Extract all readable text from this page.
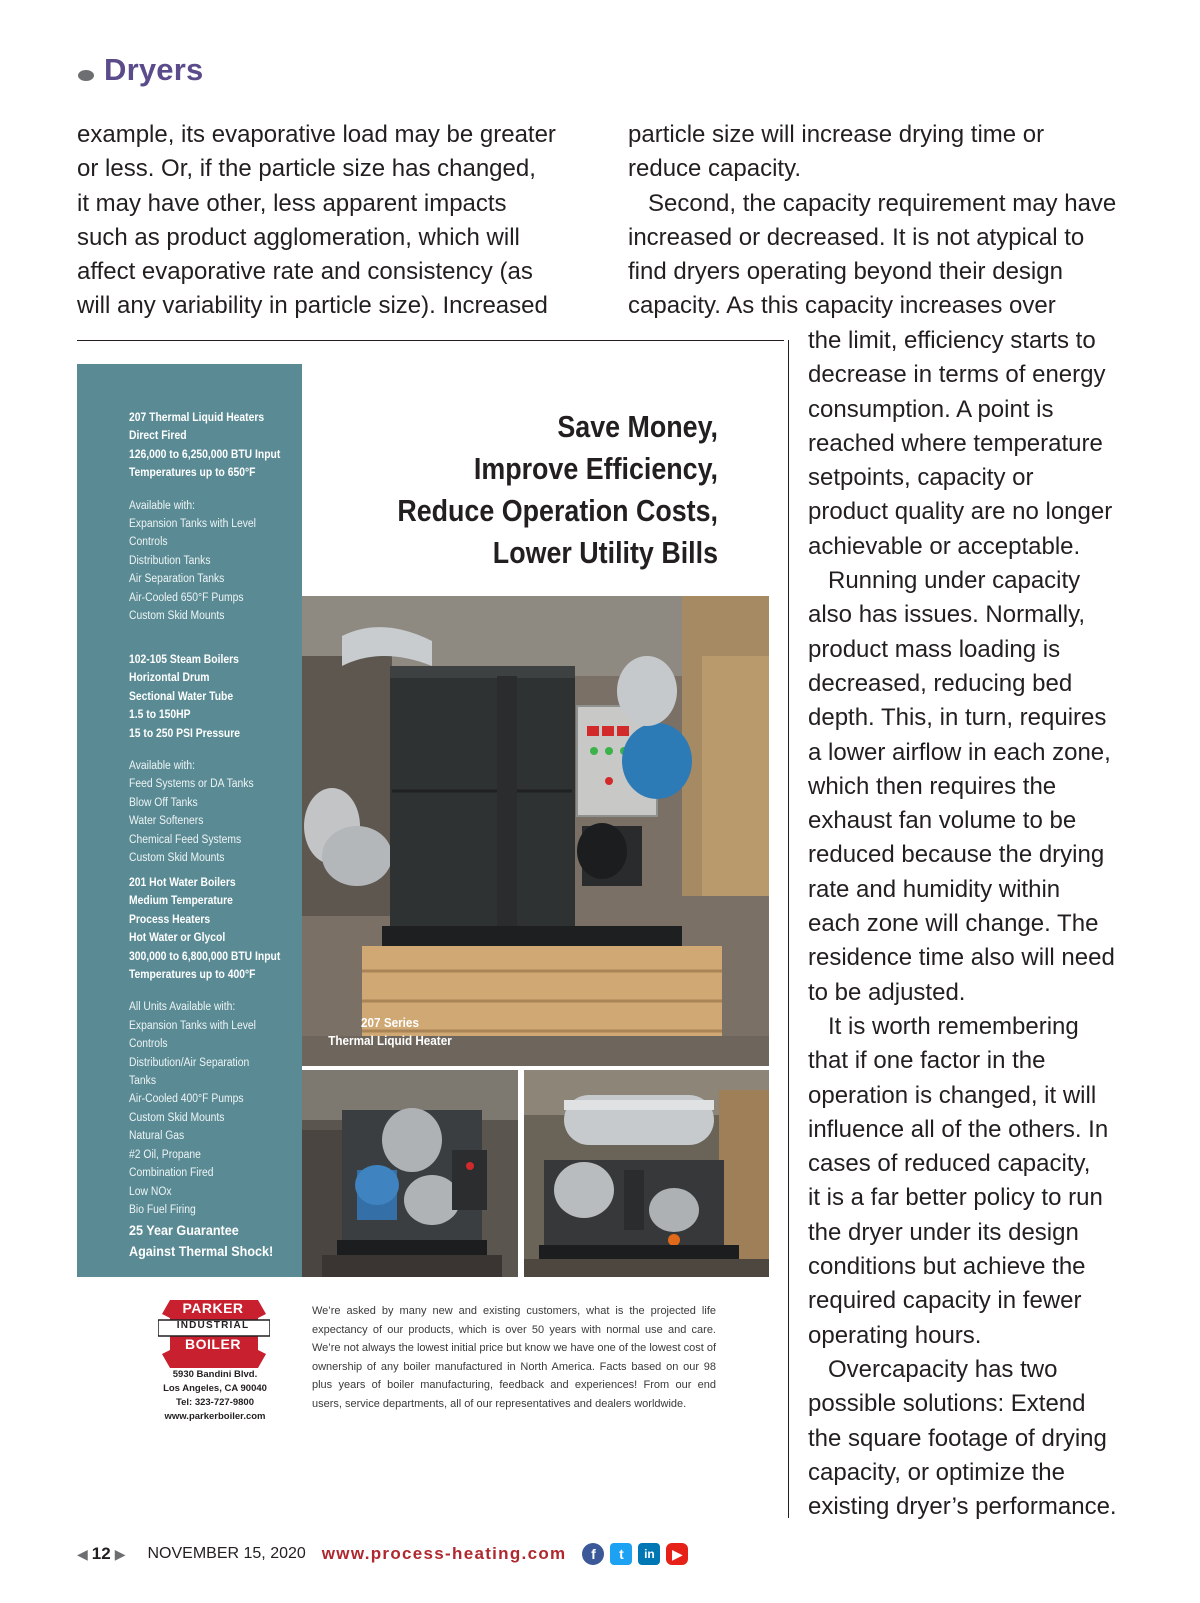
Dryers

example, its evaporative load may be greater

or less. Or, if the particle size has changed,

it may have other, less apparent impacts

such as product agglomeration, which will

affect evaporative rate and consistency (as

will any variability in particle size). Increased

particle size will increase drying time or

reduce capacity.

Second, the capacity requirement may have

increased or decreased. It is not atypical to

find dryers operating beyond their design

capacity. As this capacity increases over

the limit, efficiency starts to

decrease in terms of energy

consumption. A point is

reached where temperature

setpoints, capacity or

product quality are no longer

achievable or acceptable.

Running under capacity

also has issues. Normally,

product mass loading is

decreased, reducing bed

depth. This, in turn, requires

a lower airflow in each zone,

which then requires the

exhaust fan volume to be

reduced because the drying

rate and humidity within

each zone will change. The

residence time also will need

to be adjusted.

It is worth remembering

that if one factor in the

operation is changed, it will

influence all of the others. In

cases of reduced capacity,

it is a far better policy to run

the dryer under its design

conditions but achieve the

required capacity in fewer

operating hours.

Overcapacity has two

possible solutions: Extend

the square footage of drying

capacity, or optimize the

existing dryer’s performance.

207 Thermal Liquid Heaters
Direct Fired
126,000 to 6,250,000 BTU Input
Temperatures up to 650°F
Available with:
Expansion Tanks with Level
Controls
Distribution Tanks
Air Separation Tanks
Air-Cooled 650°F Pumps
Custom Skid Mounts
102-105 Steam Boilers
Horizontal Drum
Sectional Water Tube
1.5 to 150HP
15 to 250 PSI Pressure
Available with:
Feed Systems or DA Tanks
Blow Off Tanks
Water Softeners
Chemical Feed Systems
Custom Skid Mounts
201 Hot Water Boilers
Medium Temperature
Process Heaters
Hot Water or Glycol
300,000 to 6,800,000 BTU Input
Temperatures up to 400°F
All Units Available with:
Expansion Tanks with Level
Controls
Distribution/Air Separation
Tanks
Air-Cooled 400°F Pumps
Custom Skid Mounts
Natural Gas
#2 Oil, Propane
Combination Fired
Low NOx
Bio Fuel Firing
25 Year Guarantee
Against Thermal Shock!
Save Money,
Improve Efficiency,
Reduce Operation Costs,
Lower Utility Bills
207 Series
Thermal Liquid Heater
PARKER
INDUSTRIAL
BOILER
5930 Bandini Blvd.
Los Angeles, CA 90040
Tel: 323-727-9800
www.parkerboiler.com
We’re asked by many new and existing customers, what is the projected life expectancy of our products, which is over 50 years with normal use and care. We’re not always the lowest initial price but know we have one of the lowest cost of ownership of any boiler manufactured in North America. Facts based on our 98 plus years of boiler manufacturing, feedback and experiences! From our end users, service departments, all of our representatives and dealers worldwide.
◀ 12 ▶ NOVEMBER 15, 2020 www.process-heating.com	f	t	in	▶
